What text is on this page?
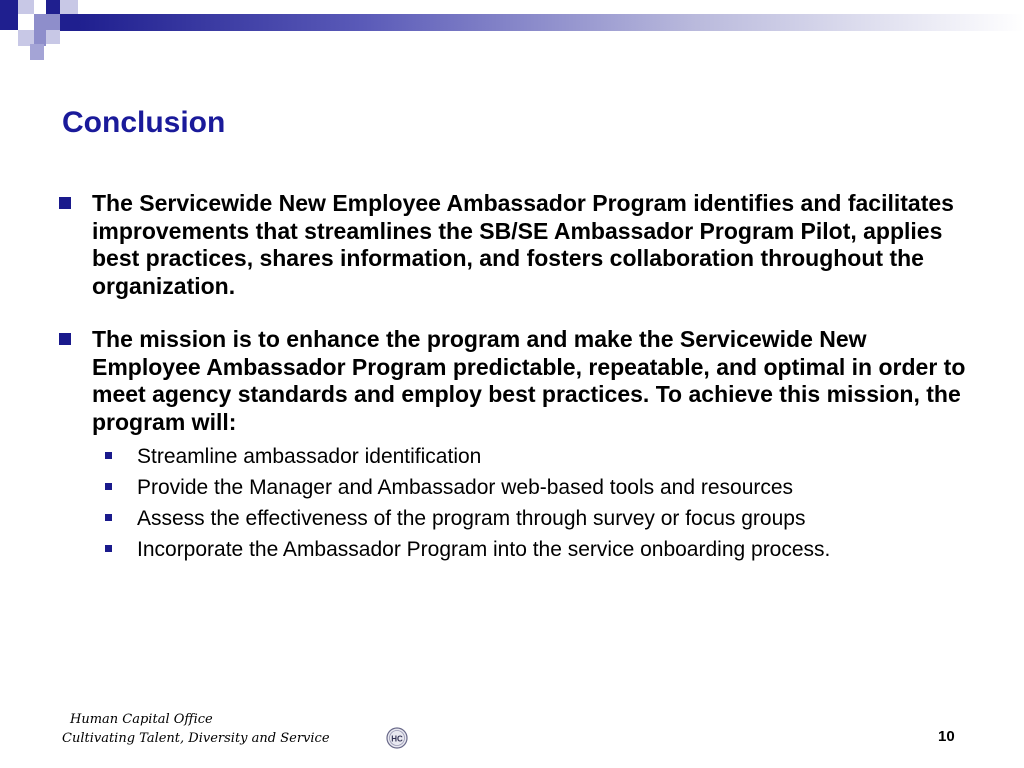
Conclusion
The Servicewide New Employee Ambassador Program identifies and facilitates improvements that streamlines the SB/SE Ambassador Program Pilot, applies best practices, shares information, and fosters collaboration throughout the organization.
The mission is to enhance the program and make the Servicewide New Employee Ambassador Program predictable, repeatable, and optimal in order to meet agency standards and employ best practices. To achieve this mission, the program will:
Streamline ambassador identification
Provide the Manager and Ambassador web-based tools and resources
Assess the effectiveness of the program through survey or focus groups
Incorporate the Ambassador Program into the service onboarding process.
Human Capital Office
Cultivating Talent, Diversity and Service	HC	10
